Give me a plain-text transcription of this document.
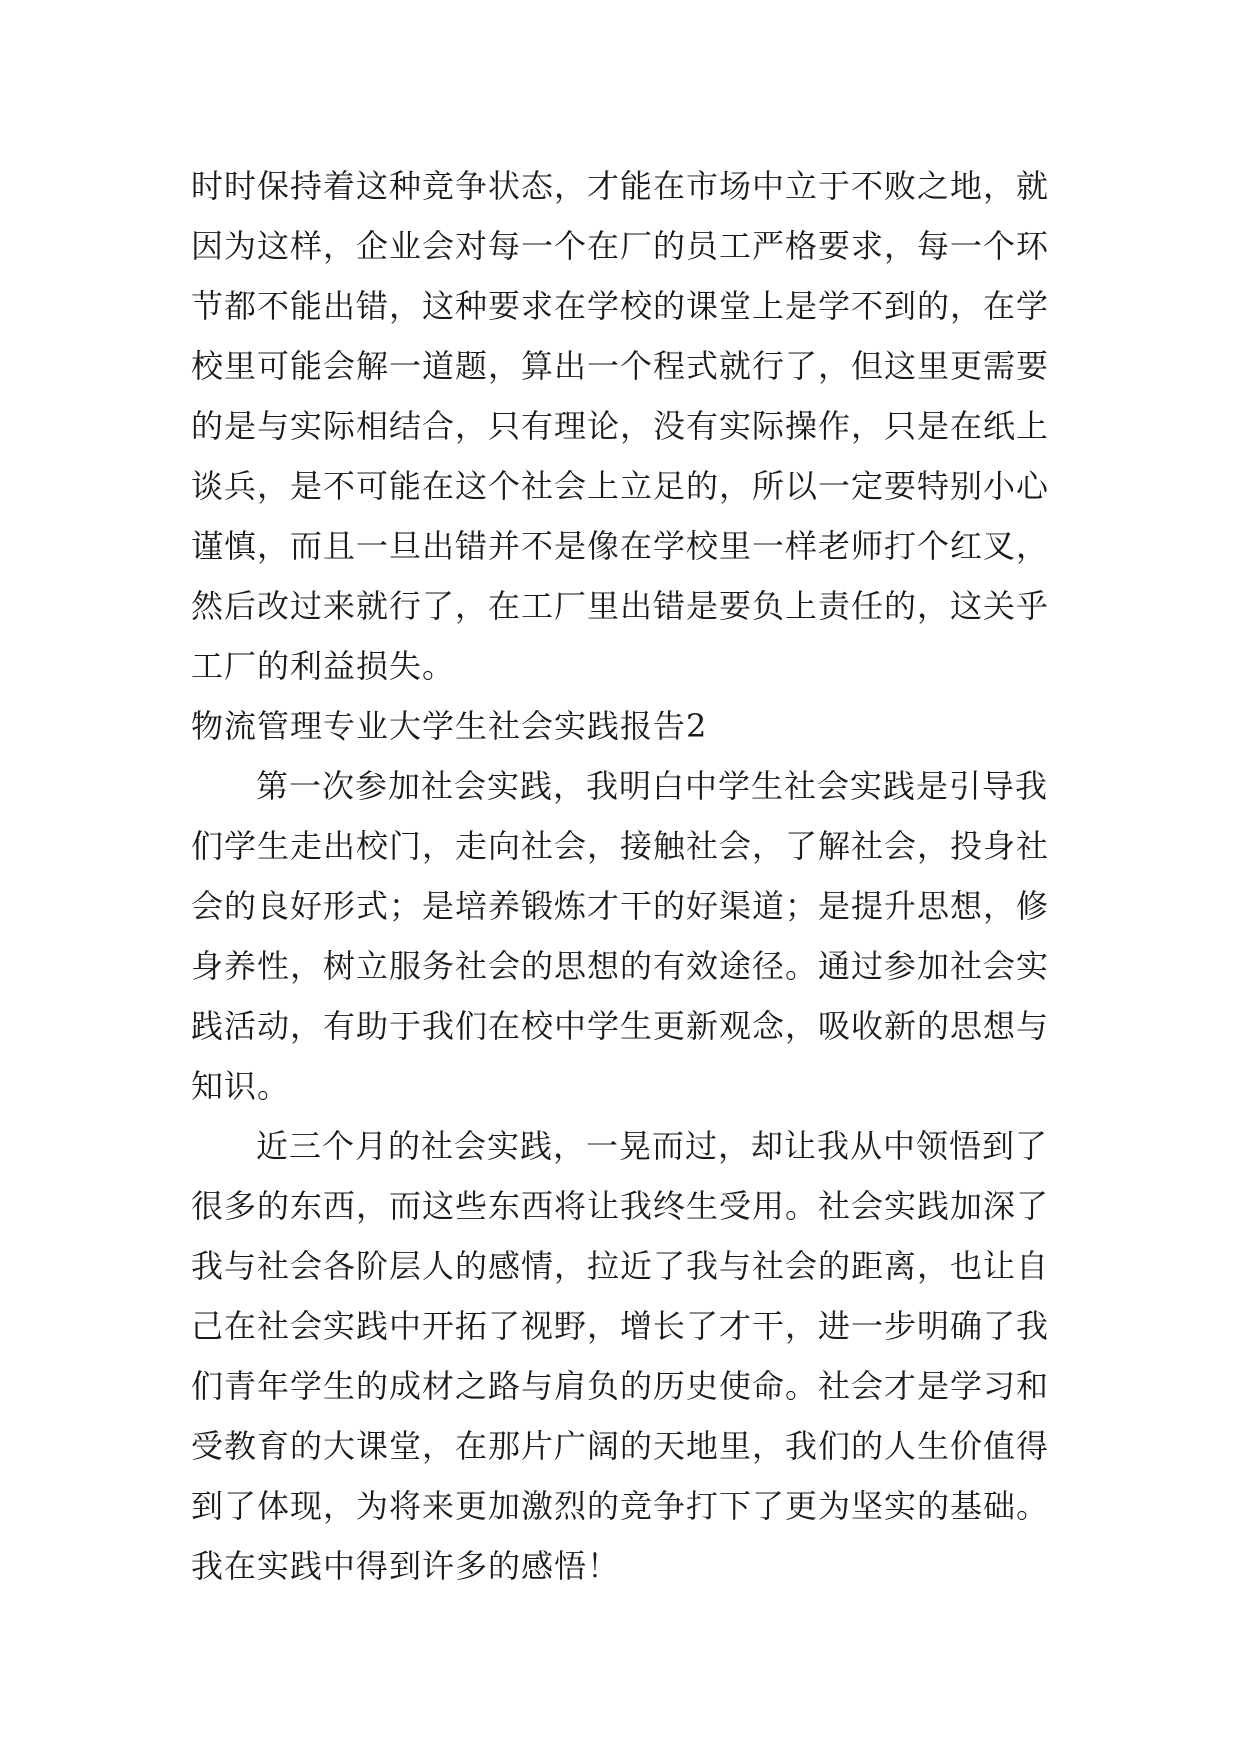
时时保持着这种竞争状态，才能在市场中立于不败之地，就
因为这样，企业会对每一个在厂的员工严格要求，每一个环
节都不能出错，这种要求在学校的课堂上是学不到的，在学
校里可能会解一道题，算出一个程式就行了，但这里更需要
的是与实际相结合，只有理论，没有实际操作，只是在纸上
谈兵，是不可能在这个社会上立足的，所以一定要特别小心
谨慎，而且一旦出错并不是像在学校里一样老师打个红叉，
然后改过来就行了，在工厂里出错是要负上责任的，这关乎
工厂的利益损失。
物流管理专业大学生社会实践报告2
第一次参加社会实践，我明白中学生社会实践是引导我
们学生走出校门，走向社会，接触社会，了解社会，投身社
会的良好形式；是培养锻炼才干的好渠道；是提升思想，修
身养性，树立服务社会的思想的有效途径。通过参加社会实
践活动，有助于我们在校中学生更新观念，吸收新的思想与
知识。
近三个月的社会实践，一晃而过，却让我从中领悟到了
很多的东西，而这些东西将让我终生受用。社会实践加深了
我与社会各阶层人的感情，拉近了我与社会的距离，也让自
己在社会实践中开拓了视野，增长了才干，进一步明确了我
们青年学生的成材之路与肩负的历史使命。社会才是学习和
受教育的大课堂，在那片广阔的天地里，我们的人生价值得
到了体现，为将来更加激烈的竞争打下了更为坚实的基础。
我在实践中得到许多的感悟！
